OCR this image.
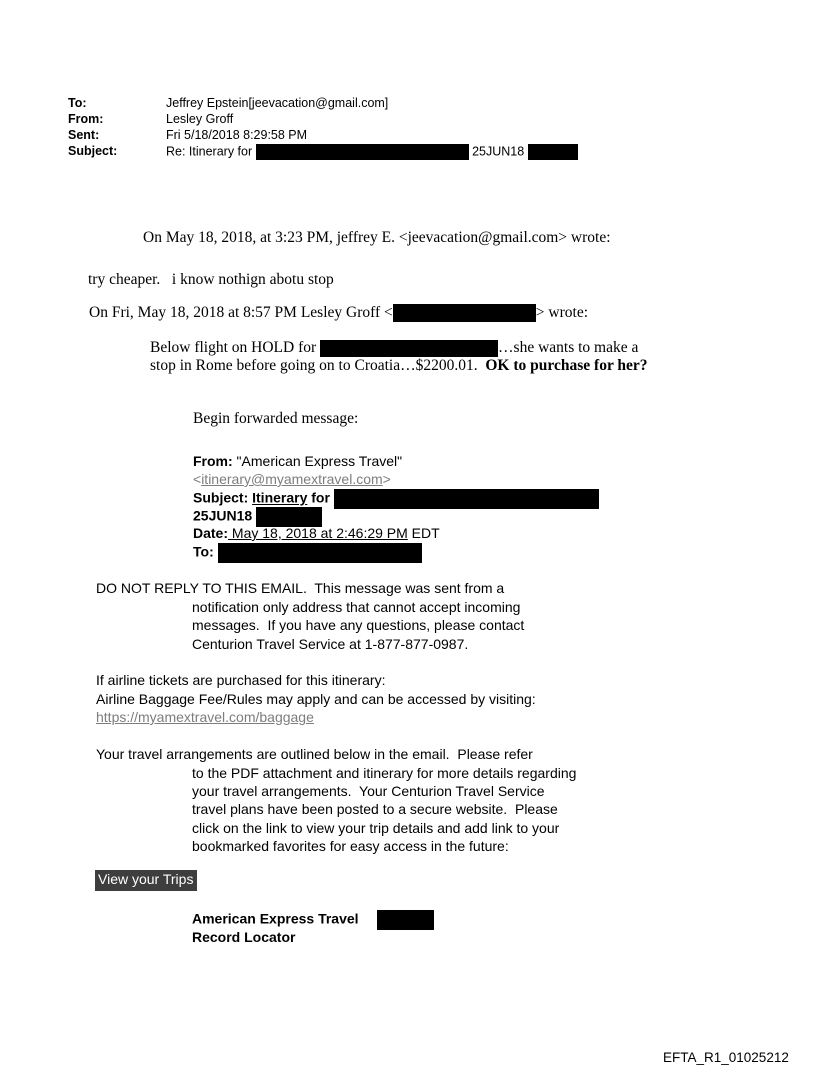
To:	Jeffrey Epstein[jeevacation@gmail.com]
From:	Lesley Groff
Sent:	Fri 5/18/2018 8:29:58 PM
Subject:	Re: Itinerary for	25JUN18
On May 18, 2018, at 3:23 PM, jeffrey E. <jeevacation@gmail.com> wrote:
try cheaper.   i know nothign abotu stop
On Fri, May 18, 2018 at 8:57 PM Lesley Groff <	> wrote:
Below flight on HOLD for	…she wants to make a
stop in Rome before going on to Croatia…$2200.01.  OK to purchase for her?
Begin forwarded message:
From: "American Express Travel"
<itinerary@myamextravel.com>
Subject: Itinerary for
25JUN18
Date: May 18, 2018 at 2:46:29 PM EDT
To:
DO NOT REPLY TO THIS EMAIL.  This message was sent from a
notification only address that cannot accept incoming
messages.  If you have any questions, please contact
Centurion Travel Service at 1-877-877-0987.
If airline tickets are purchased for this itinerary:
Airline Baggage Fee/Rules may apply and can be accessed by visiting:
https://myamextravel.com/baggage
Your travel arrangements are outlined below in the email.  Please refer
to the PDF attachment and itinerary for more details regarding
your travel arrangements.  Your Centurion Travel Service
travel plans have been posted to a secure website.  Please
click on the link to view your trip details and add link to your
bookmarked favorites for easy access in the future:
View your Trips
American Express Travel
Record Locator
EFTA_R1_01025212
